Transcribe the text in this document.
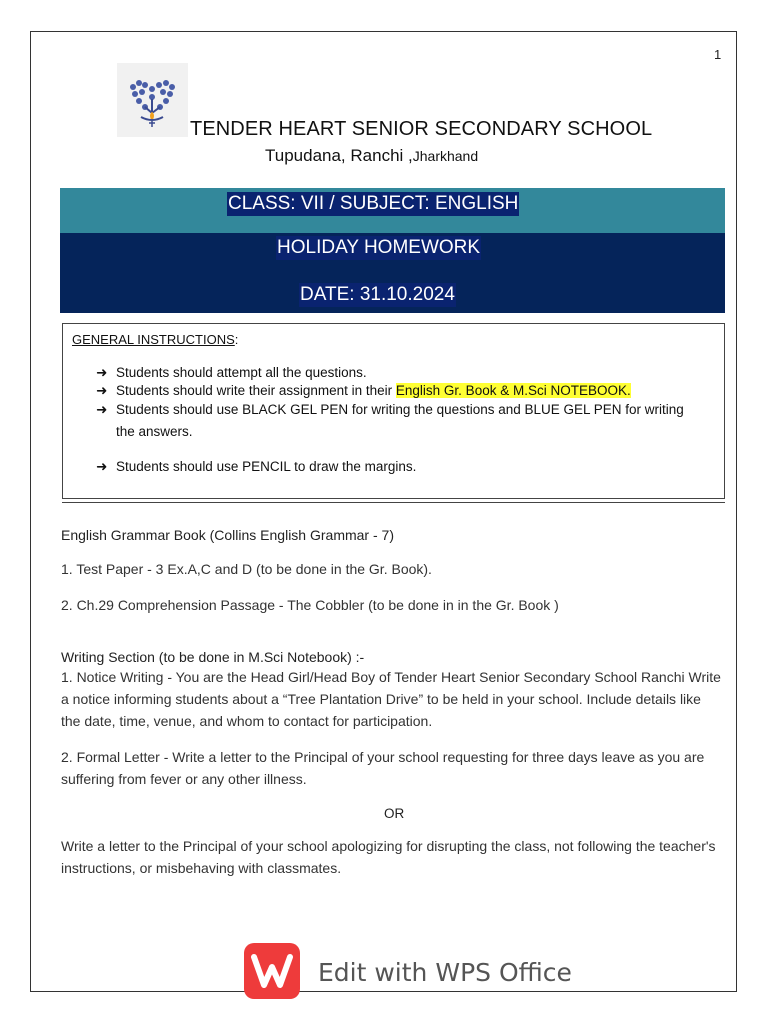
1
TENDER HEART SENIOR SECONDARY SCHOOL
Tupudana, Ranchi ,Jharkhand
CLASS: VII / SUBJECT: ENGLISH
HOLIDAY HOMEWORK
DATE: 31.10.2024
GENERAL INSTRUCTIONS:
➜ Students should attempt all the questions.
➜ Students should write their assignment in their English Gr. Book & M.Sci NOTEBOOK.
➜ Students should use BLACK GEL PEN for writing the questions and BLUE GEL PEN for writing the answers.
➜ Students should use PENCIL to draw the margins.
English Grammar Book (Collins English Grammar - 7)
1. Test Paper - 3 Ex.A,C and D (to be done in the Gr. Book).
2. Ch.29 Comprehension Passage - The Cobbler (to be done in in the Gr. Book )
Writing Section (to be done in M.Sci Notebook) :-
1. Notice Writing - You are the Head Girl/Head Boy of Tender Heart Senior Secondary School Ranchi Write a notice informing students about a “Tree Plantation Drive” to be held in your school. Include details like the date, time, venue, and whom to contact for participation.
2. Formal Letter - Write a letter to the Principal of your school requesting for three days leave as you are suffering from fever or any other illness.
OR
Write a letter to the Principal of your school apologizing for disrupting the class, not following the teacher's instructions, or misbehaving with classmates.
Edit with WPS Office
